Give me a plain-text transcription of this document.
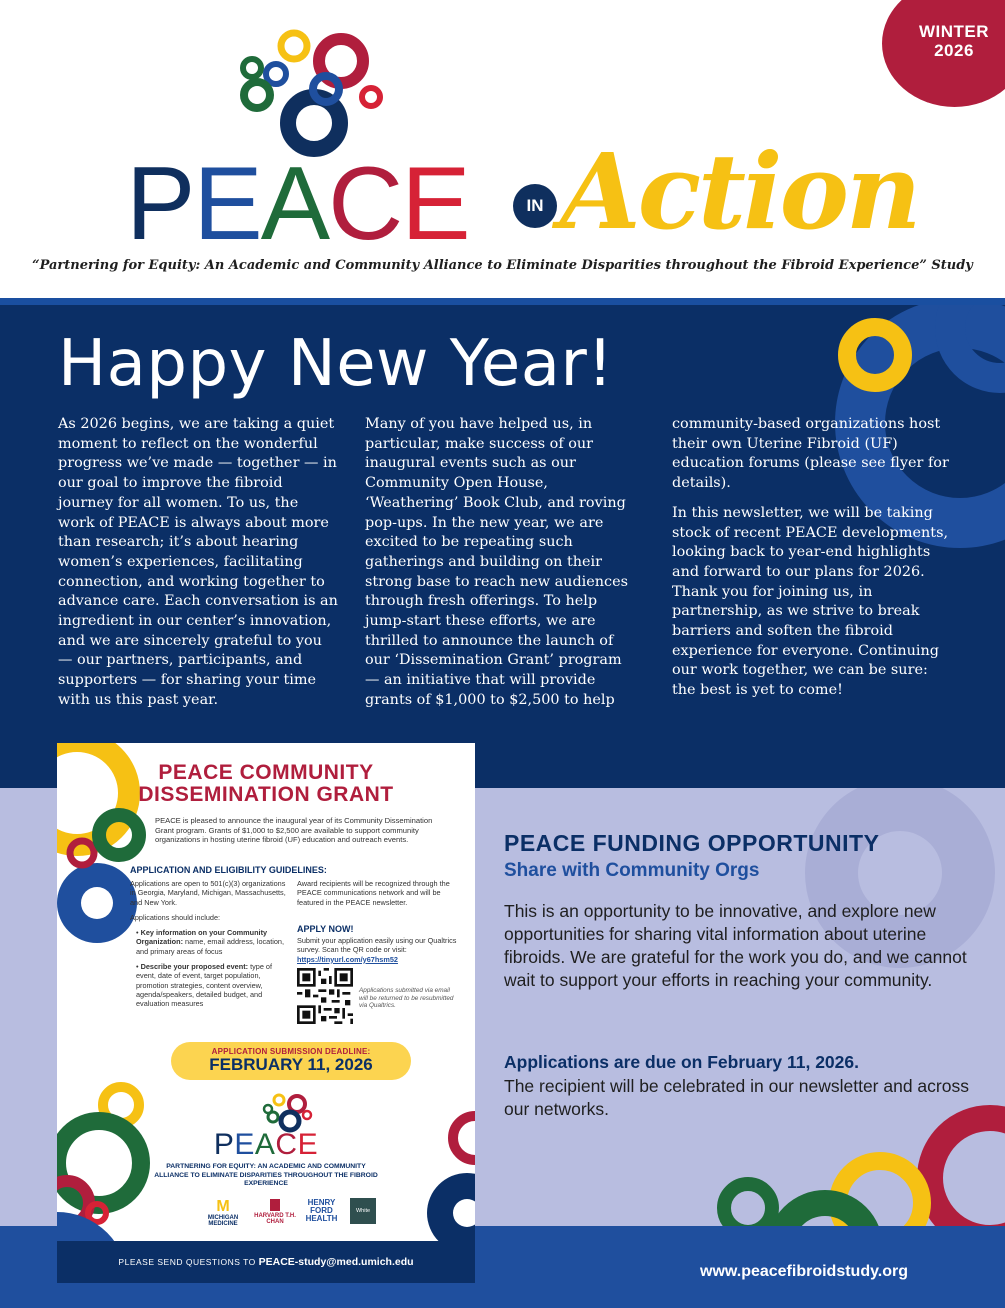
WINTER
2026
PEACE	IN Action
“Partnering for Equity: An Academic and Community Alliance to Eliminate Disparities throughout the Fibroid Experience” Study
Happy New Year!

As 2026 begins, we are taking a quiet moment to reflect on the wonderful progress we’ve made — together — in our goal to improve the fibroid journey for all women. To us, the work of PEACE is always about more than research; it’s about hearing women’s experiences, facilitating connection, and working together to advance care. Each conversation is an ingredient in our center’s innovation, and we are sincerely grateful to you — our partners, participants, and supporters — for sharing your time with us this past year.

Many of you have helped us, in particular, make success of our inaugural events such as our Community Open House, ‘Weathering’ Book Club, and roving pop-ups. In the new year, we are excited to be repeating such gatherings and building on their strong base to reach new audiences through fresh offerings. To help jump-start these efforts, we are thrilled to announce the launch of our ‘Dissemination Grant’ program — an initiative that will provide grants of $1,000 to $2,500 to help

community-based organizations host their own Uterine Fibroid (UF) education forums (please see flyer for details).

In this newsletter, we will be taking stock of recent PEACE developments, looking back to year-end highlights and forward to our plans for 2026. Thank you for joining us, in partnership, as we strive to break barriers and soften the fibroid experience for everyone. Continuing our work together, we can be sure: the best is yet to come!

www.peacefibroidstudy.org
PEACE FUNDING OPPORTUNITY
Share with Community Orgs
This is an opportunity to be innovative, and explore new opportunities for sharing vital information about uterine fibroids. We are grateful for the work you do, and we cannot wait to support your efforts in reaching your community.
Applications are due on February 11, 2026.
The recipient will be celebrated in our newsletter and across our networks.
PEACE COMMUNITY
DISSEMINATION GRANT
PEACE is pleased to announce the inaugural year of its Community Dissemination Grant program. Grants of $1,000 to $2,500 are available to support community organizations in hosting uterine fibroid (UF) education and outreach events.
APPLICATION AND ELIGIBILITY GUIDELINES:
Applications are open to 501(c)(3) organizations in Georgia, Maryland, Michigan, Massachusetts, and New York.
Applications should include:
• Key information on your Community Organization: name, email address, location, and primary areas of focus
• Describe your proposed event: type of event, date of event, target population, promotion strategies, content overview, agenda/speakers, detailed budget, and evaluation measures
Award recipients will be recognized through the PEACE communications network and will be featured in the PEACE newsletter.
APPLY NOW!
Submit your application easily using our Qualtrics survey. Scan the QR code or visit: https://tinyurl.com/y67hsm52
Applications submitted via email will be returned to be resubmitted via Qualtrics.
APPLICATION SUBMISSION DEADLINE:
FEBRUARY 11, 2026
PEACE
PARTNERING FOR EQUITY: AN ACADEMIC AND COMMUNITY ALLIANCE TO ELIMINATE DISPARITIES THROUGHOUT THE FIBROID EXPERIENCE
M
MICHIGAN MEDICINE
HARVARD T.H. CHAN
HENRY FORD HEALTH
White
PLEASE SEND QUESTIONS TO PEACE-study@med.umich.edu
